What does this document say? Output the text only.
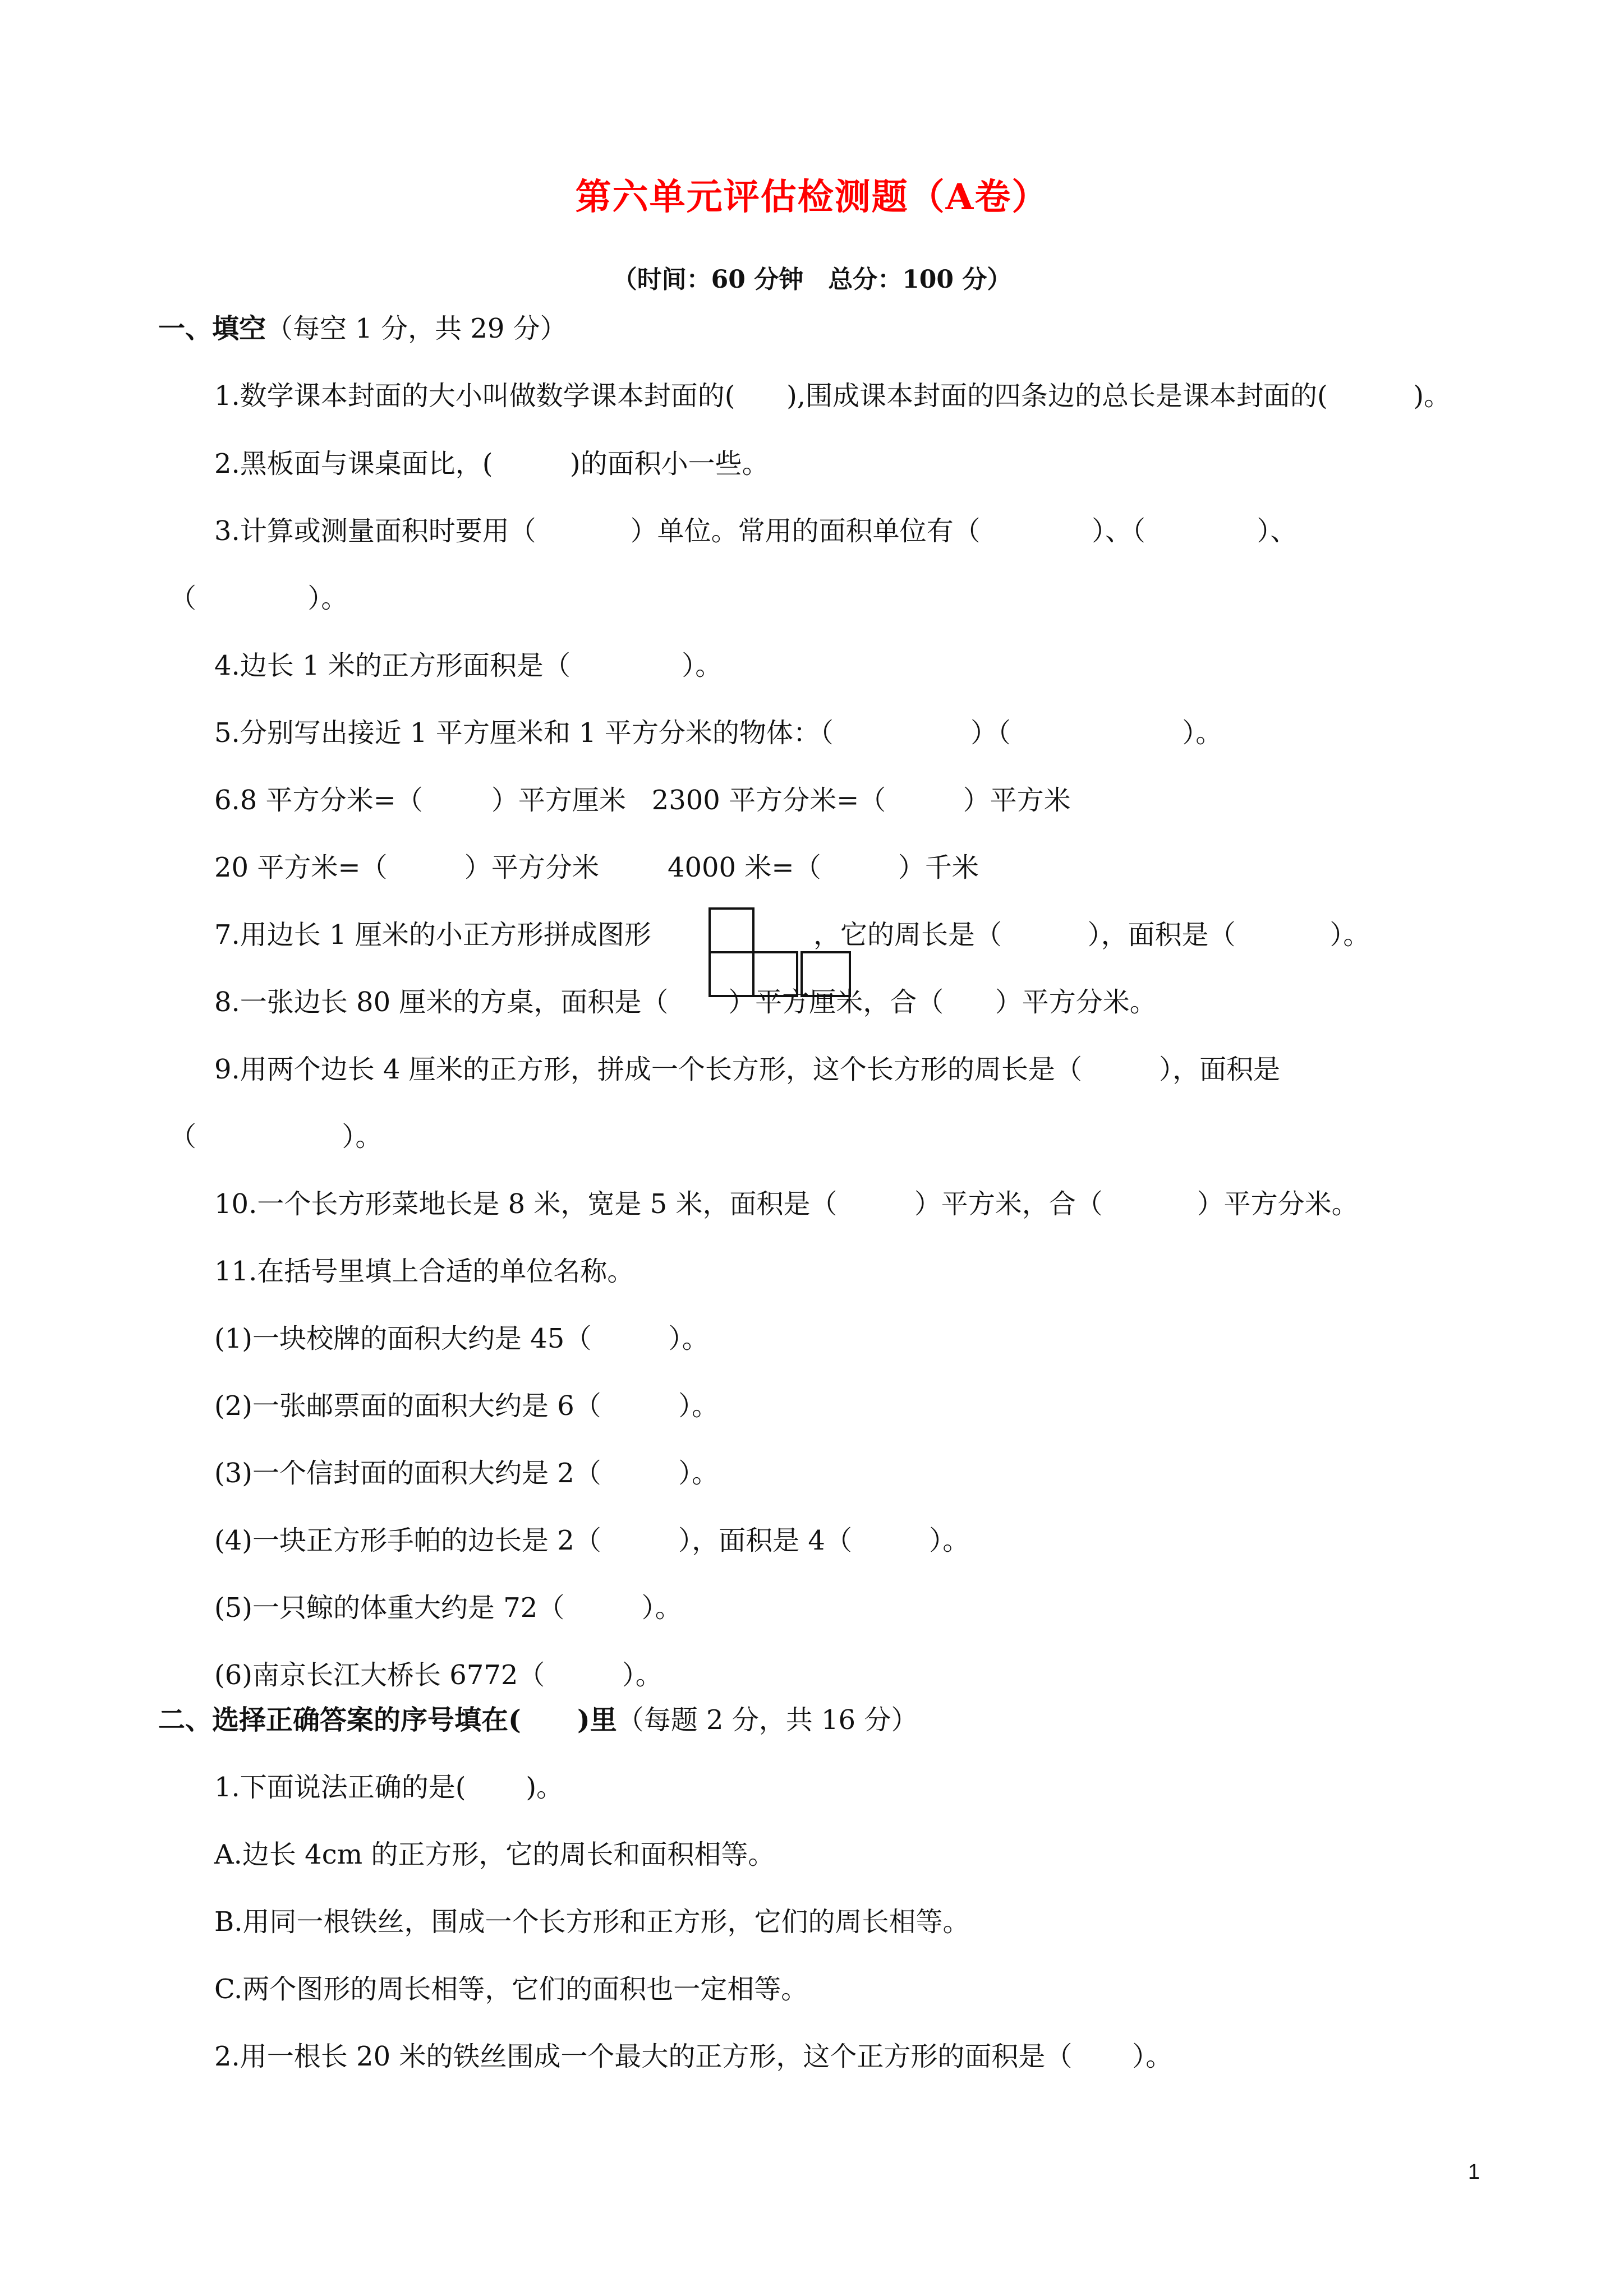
第六单元评估检测题（A卷）
（时间：60 分钟　总分：100 分）
一、填空（每空 1 分，共 29 分）
1.数学课本封面的大小叫做数学课本封面的(      ),围成课本封面的四条边的总长是课本封面的(          )。
2.黑板面与课桌面比，(         )的面积小一些。
3.计算或测量面积时要用（           ）单位。常用的面积单位有（             ）、（             ）、
（             ）。
4.边长 1 米的正方形面积是（             ）。
5.分别写出接近 1 平方厘米和 1 平方分米的物体：（                ）（                    ）。
6.8 平方分米=（        ）平方厘米   2300 平方分米=（         ）平方米
20 平方米=（         ）平方分米        4000 米=（         ）千米
7.用边长 1 厘米的小正方形拼成图形	，它的周长是（          ），面积是（           ）。
8.一张边长 80 厘米的方桌，面积是（       ）平方厘米，合（      ）平方分米。
9.用两个边长 4 厘米的正方形，拼成一个长方形，这个长方形的周长是（         ），面积是
（                 ）。
10.一个长方形菜地长是 8 米，宽是 5 米，面积是（         ）平方米，合（           ）平方分米。
11.在括号里填上合适的单位名称。
(1)一块校牌的面积大约是 45（         ）。
(2)一张邮票面的面积大约是 6（         ）。
(3)一个信封面的面积大约是 2（         ）。
(4)一块正方形手帕的边长是 2（         ），面积是 4（         ）。
(5)一只鲸的体重大约是 72（         ）。
(6)南京长江大桥长 6772（         ）。
二、选择正确答案的序号填在(      )里（每题 2 分，共 16 分）
1.下面说法正确的是(       )。
A.边长 4cm 的正方形，它的周长和面积相等。
B.用同一根铁丝，围成一个长方形和正方形，它们的周长相等。
C.两个图形的周长相等，它们的面积也一定相等。
2.用一根长 20 米的铁丝围成一个最大的正方形，这个正方形的面积是（       ）。
1
